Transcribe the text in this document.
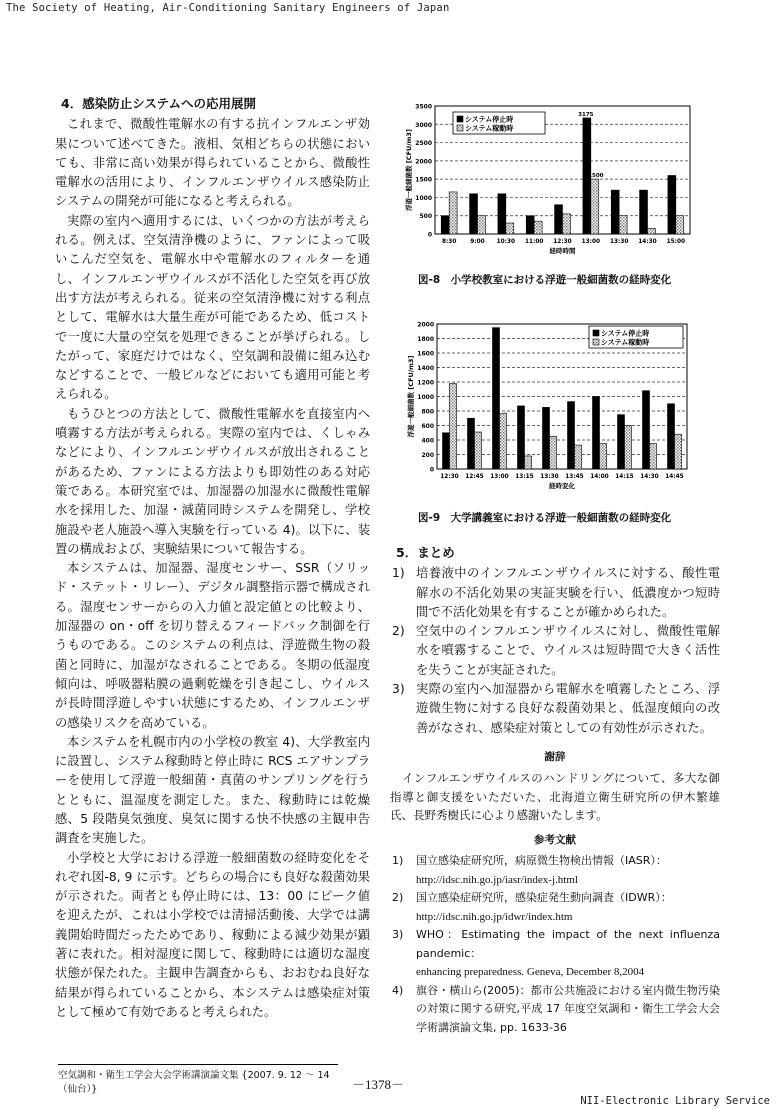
The Society of Heating, Air-Conditioning Sanitary Engineers of Japan
4．感染防止システムへの応用展開

これまで、微酸性電解水の有する抗インフルエンザ効果について述べてきた。液相、気相どちらの状態においても、非常に高い効果が得られていることから、微酸性電解水の活用により、インフルエンザウイルス感染防止システムの開発が可能になると考えられる。

実際の室内へ適用するには、いくつかの方法が考えられる。例えば、空気清浄機のように、ファンによって吸いこんだ空気を、電解水中や電解水のフィルターを通し、インフルエンザウイルスが不活化した空気を再び放出す方法が考えられる。従来の空気清浄機に対する利点として、電解水は大量生産が可能であるため、低コストで一度に大量の空気を処理できることが挙げられる。したがって、家庭だけではなく、空気調和設備に組み込むなどすることで、一般ビルなどにおいても適用可能と考えられる。

もうひとつの方法として、微酸性電解水を直接室内へ噴霧する方法が考えられる。実際の室内では、くしゃみなどにより、インフルエンザウイルスが放出されることがあるため、ファンによる方法よりも即効性のある対応策である。本研究室では、加湿器の加湿水に微酸性電解水を採用した、加湿・滅菌同時システムを開発し、学校施設や老人施設へ導入実験を行っている 4)。以下に、装置の構成および、実験結果について報告する。

本システムは、加湿器、湿度センサー、SSR（ソリッド・ステット・リレー）、デジタル調整指示器で構成される。湿度センサーからの入力値と設定値との比較より、加湿器の on・off を切り替えるフィードバック制御を行うものである。このシステムの利点は、浮遊微生物の殺菌と同時に、加湿がなされることである。冬期の低湿度傾向は、呼吸器粘膜の過剰乾燥を引き起こし、ウイルスが長時間浮遊しやすい状態にするため、インフルエンザの感染リスクを高めている。

本システムを札幌市内の小学校の教室 4)、大学教室内に設置し、システム稼動時と停止時に RCS エアサンプラーを使用して浮遊一般細菌・真菌のサンプリングを行うとともに、温湿度を測定した。また、稼動時には乾燥感、5 段階臭気強度、臭気に関する快不快感の主観申告調査を実施した。

小学校と大学における浮遊一般細菌数の経時変化をそれぞれ図-8, 9 に示す。どちらの場合にも良好な殺菌効果が示された。両者とも停止時には、13：00 にピーク値を迎えたが、これは小学校では清掃活動後、大学では講義開始時間だったためであり、稼動による減少効果が顕著に表れた。相対湿度に関して、稼動時には適切な湿度状態が保たれた。主観申告調査からも、おおむね良好な結果が得られていることから、本システムは感染症対策として極めて有効であると考えられた。

0
500
1000
1500
2000
2500
3000
3500
8:30 9:00 10:30 11:00 12:30 13:00 13:30 14:30 15:00
3175
1500
経時時間
浮遊一般細菌数 [CFU/m3]
システム停止時
システム稼動時
図-8　小学校教室における浮遊一般細菌数の経時変化
0
200
400
600
800
1000
1200
1400
1600
1800
2000
12:30 12:45 13:00 13:15 13:30 13:45 14:00 14:15 14:30 14:45
経時変化
浮遊一般細菌数 [CFU/m3]
システム停止時
システム稼動時
図-9　大学講義室における浮遊一般細菌数の経時変化
5．まとめ
1) 培養液中のインフルエンザウイルスに対する、酸性電解水の不活化効果の実証実験を行い、低濃度かつ短時間で不活化効果を有することが確かめられた。
2) 空気中のインフルエンザウイルスに対し、微酸性電解水を噴霧することで、ウイルスは短時間で大きく活性を失うことが実証された。
3) 実際の室内へ加湿器から電解水を噴霧したところ、浮遊微生物に対する良好な殺菌効果と、低湿度傾向の改善がなされ、感染症対策としての有効性が示された。
謝辞

インフルエンザウイルスのハンドリングについて、多大な御指導と御支援をいただいた、北海道立衛生研究所の伊木繁雄氏、長野秀樹氏に心より感謝いたします。

参考文献
1) 国立感染症研究所，病原微生物検出情報（IASR）：
http://idsc.nih.go.jp/iasr/index-j.html
2) 国立感染症研究所，感染症発生動向調査（IDWR）：
http://idsc.nih.go.jp/idwr/index.htm
3) WHO：Estimating the impact of the next influenza pandemic：
enhancing preparedness. Geneva, December 8,2004
4) 旗谷・横山ら(2005)：都市公共施設における室内微生物汚染の対策に関する研究,平成 17 年度空気調和・衛生工学会大会学術講演論文集, pp. 1633-36
空気調和・衛生工学会大会学術講演論文集 {2007. 9. 12 ～ 14（仙台）}	－1378－
NII-Electronic Library Service
